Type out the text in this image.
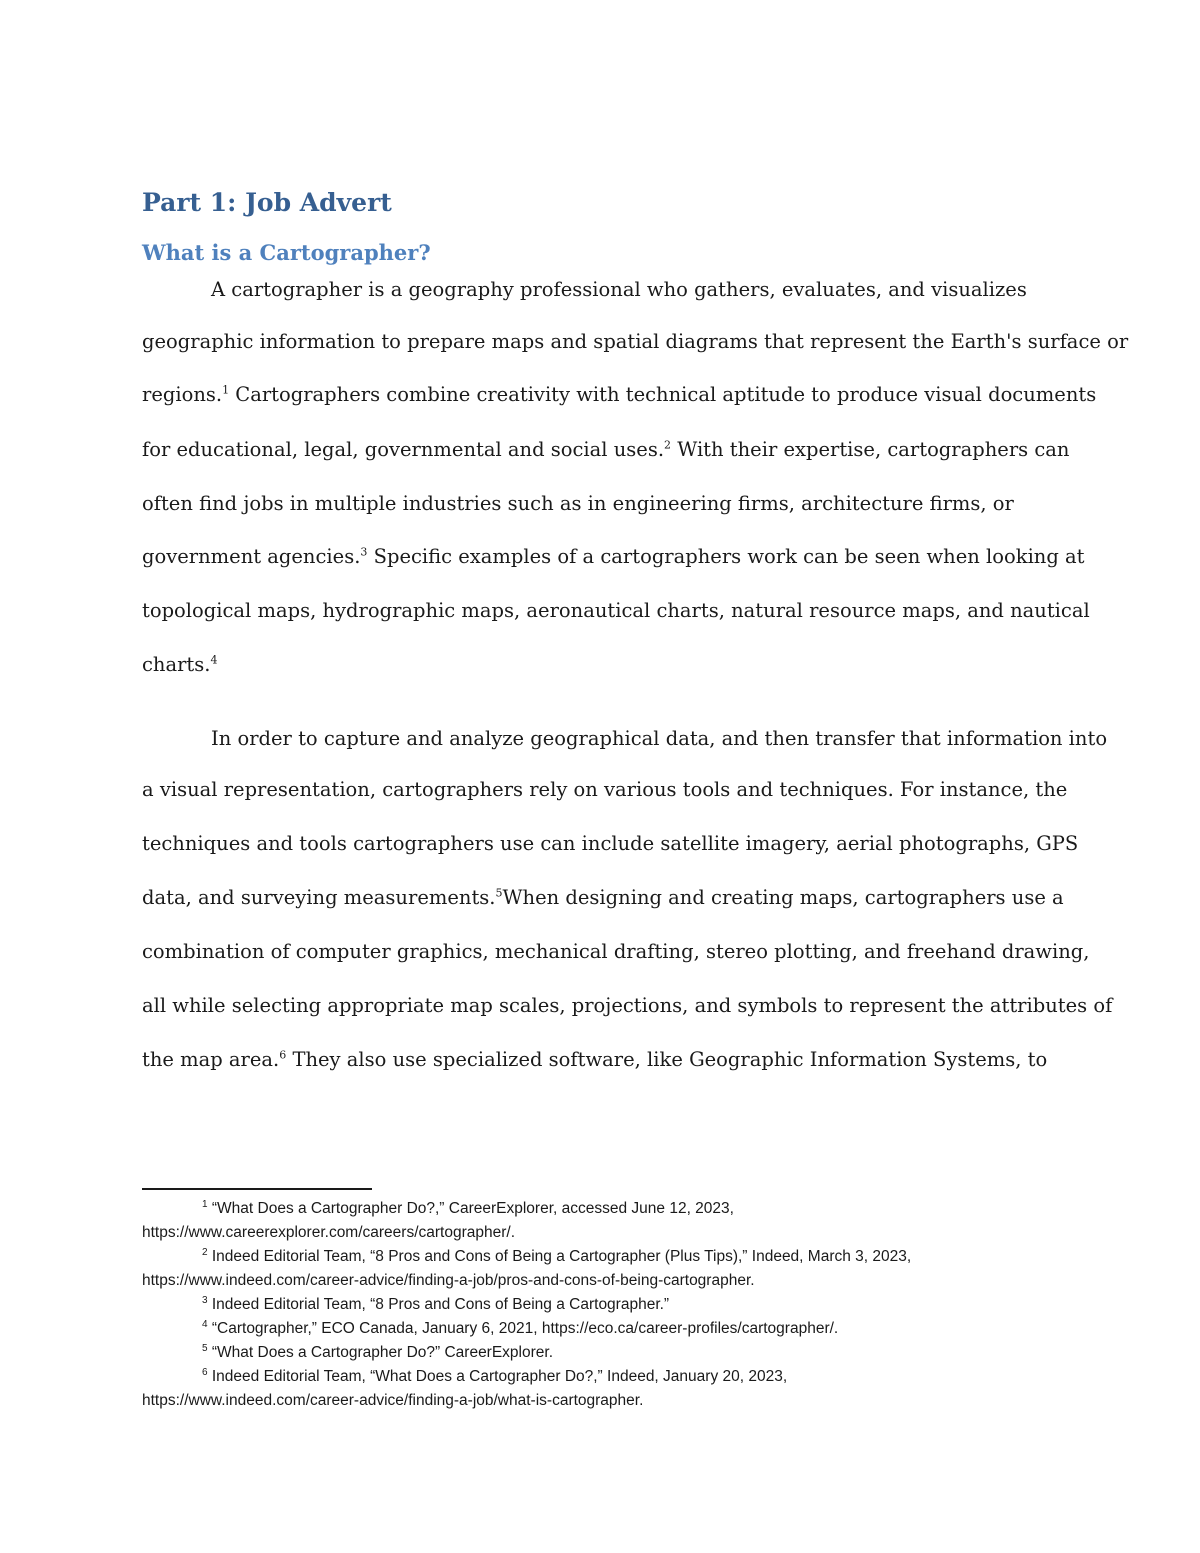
Part 1: Job Advert
What is a Cartographer?

A cartographer is a geography professional who gathers, evaluates, and visualizes

geographic information to prepare maps and spatial diagrams that represent the Earth's surface or

regions.$^1$ Cartographers combine creativity with technical aptitude to produce visual documents

for educational, legal, governmental and social uses.$^2$ With their expertise, cartographers can

often find jobs in multiple industries such as in engineering firms, architecture firms, or

government agencies.$^3$ Specific examples of a cartographers work can be seen when looking at

topological maps, hydrographic maps, aeronautical charts, natural resource maps, and nautical

charts.$^4$

In order to capture and analyze geographical data, and then transfer that information into

a visual representation, cartographers rely on various tools and techniques. For instance, the

techniques and tools cartographers use can include satellite imagery, aerial photographs, GPS

data, and surveying measurements.$^5$When designing and creating maps, cartographers use a

combination of computer graphics, mechanical drafting, stereo plotting, and freehand drawing,

all while selecting appropriate map scales, projections, and symbols to represent the attributes of

the map area.$^6$ They also use specialized software, like Geographic Information Systems, to

$^1$ “What Does a Cartographer Do?,” CareerExplorer, accessed June 12, 2023,

https://www.careerexplorer.com/careers/cartographer/.

$^2$ Indeed Editorial Team, “8 Pros and Cons of Being a Cartographer (Plus Tips),” Indeed, March 3, 2023,

https://www.indeed.com/career-advice/finding-a-job/pros-and-cons-of-being-cartographer.

$^3$ Indeed Editorial Team, “8 Pros and Cons of Being a Cartographer.”

$^4$ “Cartographer,” ECO Canada, January 6, 2021, https://eco.ca/career-profiles/cartographer/.

$^5$ “What Does a Cartographer Do?” CareerExplorer.

$^6$ Indeed Editorial Team, “What Does a Cartographer Do?,” Indeed, January 20, 2023,

https://www.indeed.com/career-advice/finding-a-job/what-is-cartographer.
